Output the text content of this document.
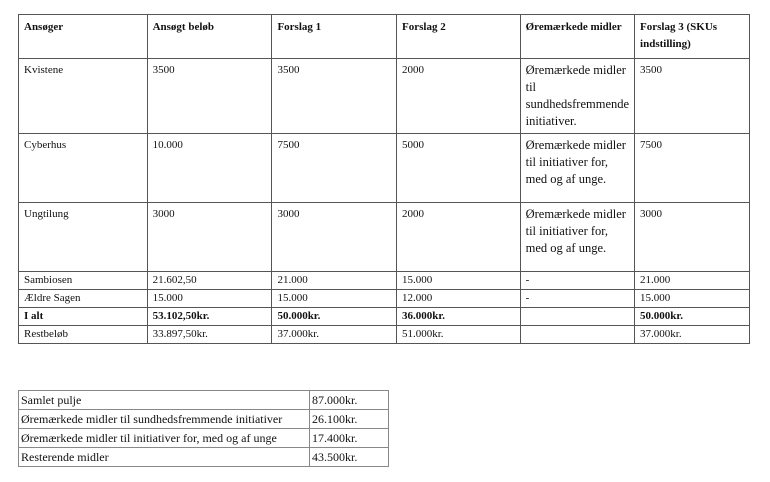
Ansøger	Ansøgt beløb	Forslag 1	Forslag 2	Øremærkede midler	Forslag 3 (SKUs indstilling)
Kvistene	3500	3500	2000	Øremærkede midler til sundhedsfremmende initiativer.	3500
Cyberhus	10.000	7500	5000	Øremærkede midler til initiativer for, med og af unge.	7500
Ungtilung	3000	3000	2000	Øremærkede midler til initiativer for, med og af unge.	3000
Sambiosen	21.602,50	21.000	15.000	-	21.000
Ældre Sagen	15.000	15.000	12.000	-	15.000
I alt	53.102,50kr.	50.000kr.	36.000kr.		50.000kr.
Restbeløb	33.897,50kr.	37.000kr.	51.000kr.		37.000kr.
Samlet pulje	87.000kr.
Øremærkede midler til sundhedsfremmende initiativer	26.100kr.
Øremærkede midler til initiativer for, med og af unge	17.400kr.
Resterende midler	43.500kr.
